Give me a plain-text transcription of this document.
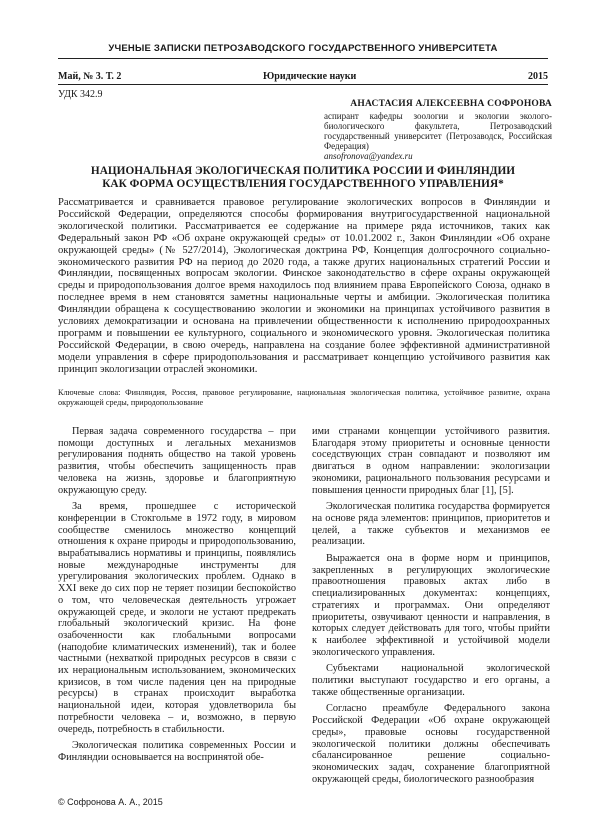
УЧЕНЫЕ ЗАПИСКИ ПЕТРОЗАВОДСКОГО ГОСУДАРСТВЕННОГО УНИВЕРСИТЕТА
Май, № 3. Т. 2	Юридические науки	2015
УДК 342.9
АНАСТАСИЯ АЛЕКСЕЕВНА СОФРОНОВА
аспирант кафедры зоологии и экологии эколого-биологического факультета, Петрозаводский государственный университет (Петрозаводск, Российская Федерация)
ansofronova@yandex.ru
НАЦИОНАЛЬНАЯ ЭКОЛОГИЧЕСКАЯ ПОЛИТИКА РОССИИ И ФИНЛЯНДИИ
КАК ФОРМА ОСУЩЕСТВЛЕНИЯ ГОСУДАРСТВЕННОГО УПРАВЛЕНИЯ*
Рассматривается и сравнивается правовое регулирование экологических вопросов в Финляндии и Российской Федерации, определяются способы формирования внутригосударственной национальной экологической политики. Рассматривается ее содержание на примере ряда источников, таких как Федеральный закон РФ «Об охране окружающей среды» от 10.01.2002 г., Закон Финляндии «Об охране окружающей среды» (№ 527/2014), Экологическая доктрина РФ, Концепция долгосрочного социально-экономического развития РФ на период до 2020 года, а также других национальных стратегий России и Финляндии, посвященных вопросам экологии. Финское законодательство в сфере охраны окружающей среды и природопользования долгое время находилось под влиянием права Европейского Союза, однако в последнее время в нем становятся заметны национальные черты и амбиции. Экологическая политика Финляндии обращена к сосуществованию экологии и экономики на принципах устойчивого развития в условиях демократизации и основана на привлечении общественности к исполнению природоохранных программ и повышении ее культурного, социального и экономического уровня. Экологическая политика Российской Федерации, в свою очередь, направлена на создание более эффективной административной модели управления в сфере природопользования и рассматривает концепцию устойчивого развития как принцип экологизации отраслей экономики.
Ключевые слова: Финляндия, Россия, правовое регулирование, национальная экологическая политика, устойчивое развитие, охрана окружающей среды, природопользование

Первая задача современного государства – при помощи доступных и легальных механизмов регулирования поднять общество на такой уровень развития, чтобы обеспечить защищенность прав человека на жизнь, здоровье и благоприятную окружающую среду.

За время, прошедшее с исторической конференции в Стокгольме в 1972 году, в мировом сообществе сменилось множество концепций отношения к охране природы и природопользованию, вырабатывались нормативы и принципы, появлялись новые международные инструменты для урегулирования экологических проблем. Однако в XXI веке до сих пор не теряет позиции беспокойство о том, что человеческая деятельность угрожает окружающей среде, и экологи не устают предрекать глобальный экологический кризис. На фоне озабоченности как глобальными вопросами (наподобие климатических изменений), так и более частными (нехваткой природных ресурсов в связи с их нерациональным использованием, экономических кризисов, в том числе падения цен на природные ресурсы) в странах происходит выработка национальной идеи, которая удовлетворила бы потребности человека – и, возможно, в первую очередь, потребность в стабильности.

Экологическая политика современных России и Финляндии основывается на воспринятой обе-

ими странами концепции устойчивого развития. Благодаря этому приоритеты и основные ценности соседствующих стран совпадают и позволяют им двигаться в одном направлении: экологизации экономики, рационального пользования ресурсами и повышения ценности природных благ [1], [5].

Экологическая политика государства формируется на основе ряда элементов: принципов, приоритетов и целей, а также субъектов и механизмов ее реализации.

Выражается она в форме норм и принципов, закрепленных в регулирующих экологические правоотношения правовых актах либо в специализированных документах: концепциях, стратегиях и программах. Они определяют приоритеты, озвучивают ценности и направления, в которых следует действовать для того, чтобы прийти к наиболее эффективной и устойчивой модели экологического управления.

Субъектами национальной экологической политики выступают государство и его органы, а также общественные организации.

Согласно преамбуле Федерального закона Российской Федерации «Об охране окружающей среды», правовые основы государственной экологической политики должны обеспечивать сбалансированное решение социально-экономических задач, сохранение благоприятной окружающей среды, биологического разнообразия

© Софронова А. А., 2015
